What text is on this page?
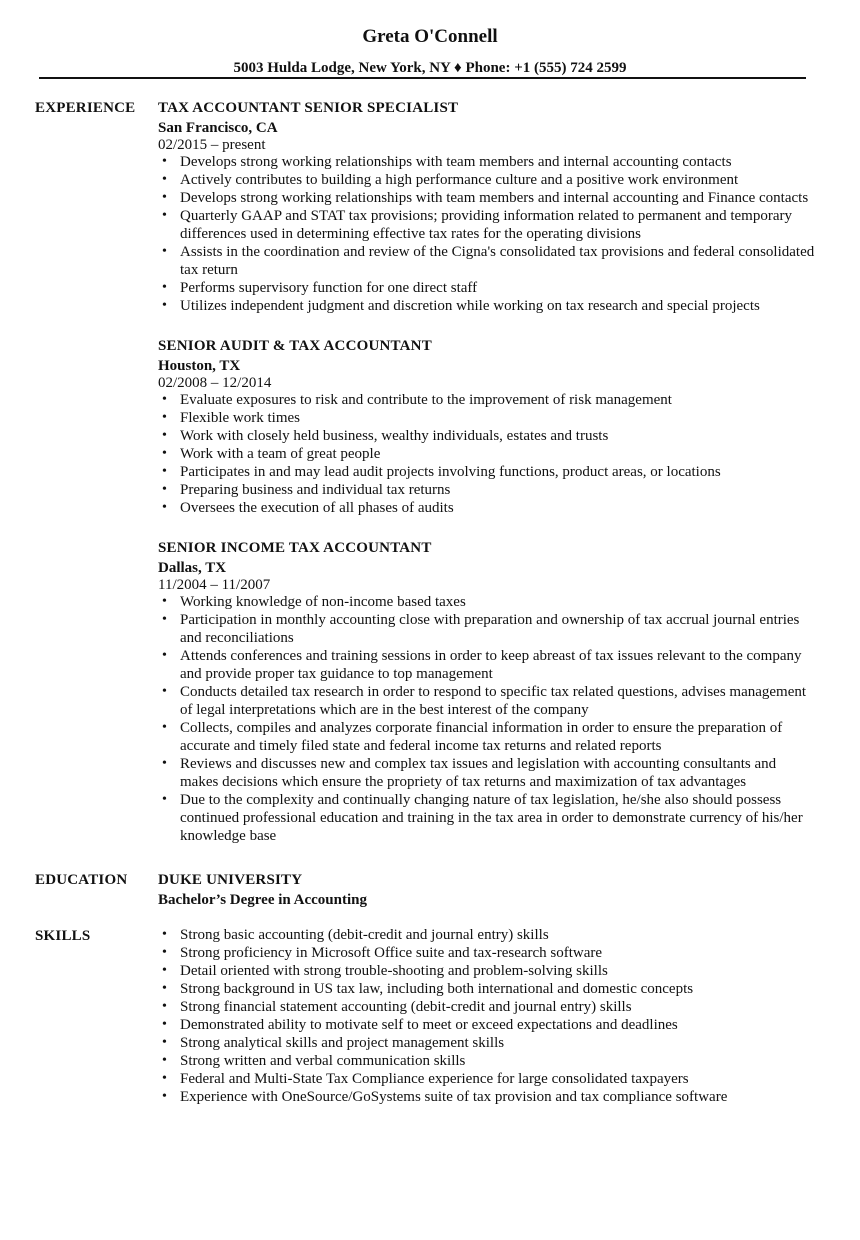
Greta O'Connell
5003 Hulda Lodge, New York, NY ♦ Phone: +1 (555) 724 2599
EXPERIENCE TAX ACCOUNTANT SENIOR SPECIALIST
San Francisco, CA
02/2015 – present
• Develops strong working relationships with team members and internal accounting contacts
• Actively contributes to building a high performance culture and a positive work environment
• Develops strong working relationships with team members and internal accounting and Finance contacts
• Quarterly GAAP and STAT tax provisions; providing information related to permanent and temporary differences used in determining effective tax rates for the operating divisions
• Assists in the coordination and review of the Cigna's consolidated tax provisions and federal consolidated tax return
• Performs supervisory function for one direct staff
• Utilizes independent judgment and discretion while working on tax research and special projects
SENIOR AUDIT & TAX ACCOUNTANT
Houston, TX
02/2008 – 12/2014
• Evaluate exposures to risk and contribute to the improvement of risk management
• Flexible work times
• Work with closely held business, wealthy individuals, estates and trusts
• Work with a team of great people
• Participates in and may lead audit projects involving functions, product areas, or locations
• Preparing business and individual tax returns
• Oversees the execution of all phases of audits
SENIOR INCOME TAX ACCOUNTANT
Dallas, TX
11/2004 – 11/2007
• Working knowledge of non-income based taxes
• Participation in monthly accounting close with preparation and ownership of tax accrual journal entries and reconciliations
• Attends conferences and training sessions in order to keep abreast of tax issues relevant to the company and provide proper tax guidance to top management
• Conducts detailed tax research in order to respond to specific tax related questions, advises management of legal interpretations which are in the best interest of the company
• Collects, compiles and analyzes corporate financial information in order to ensure the preparation of accurate and timely filed state and federal income tax returns and related reports
• Reviews and discusses new and complex tax issues and legislation with accounting consultants and makes decisions which ensure the propriety of tax returns and maximization of tax advantages
• Due to the complexity and continually changing nature of tax legislation, he/she also should possess continued professional education and training in the tax area in order to demonstrate currency of his/her knowledge base
EDUCATION DUKE UNIVERSITY
Bachelor’s Degree in Accounting
SKILLS
•	Strong basic accounting (debit-credit and journal entry) skills
• Strong proficiency in Microsoft Office suite and tax-research software
• Detail oriented with strong trouble-shooting and problem-solving skills
• Strong background in US tax law, including both international and domestic concepts
• Strong financial statement accounting (debit-credit and journal entry) skills
• Demonstrated ability to motivate self to meet or exceed expectations and deadlines
• Strong analytical skills and project management skills
• Strong written and verbal communication skills
• Federal and Multi-State Tax Compliance experience for large consolidated taxpayers
• Experience with OneSource/GoSystems suite of tax provision and tax compliance software
